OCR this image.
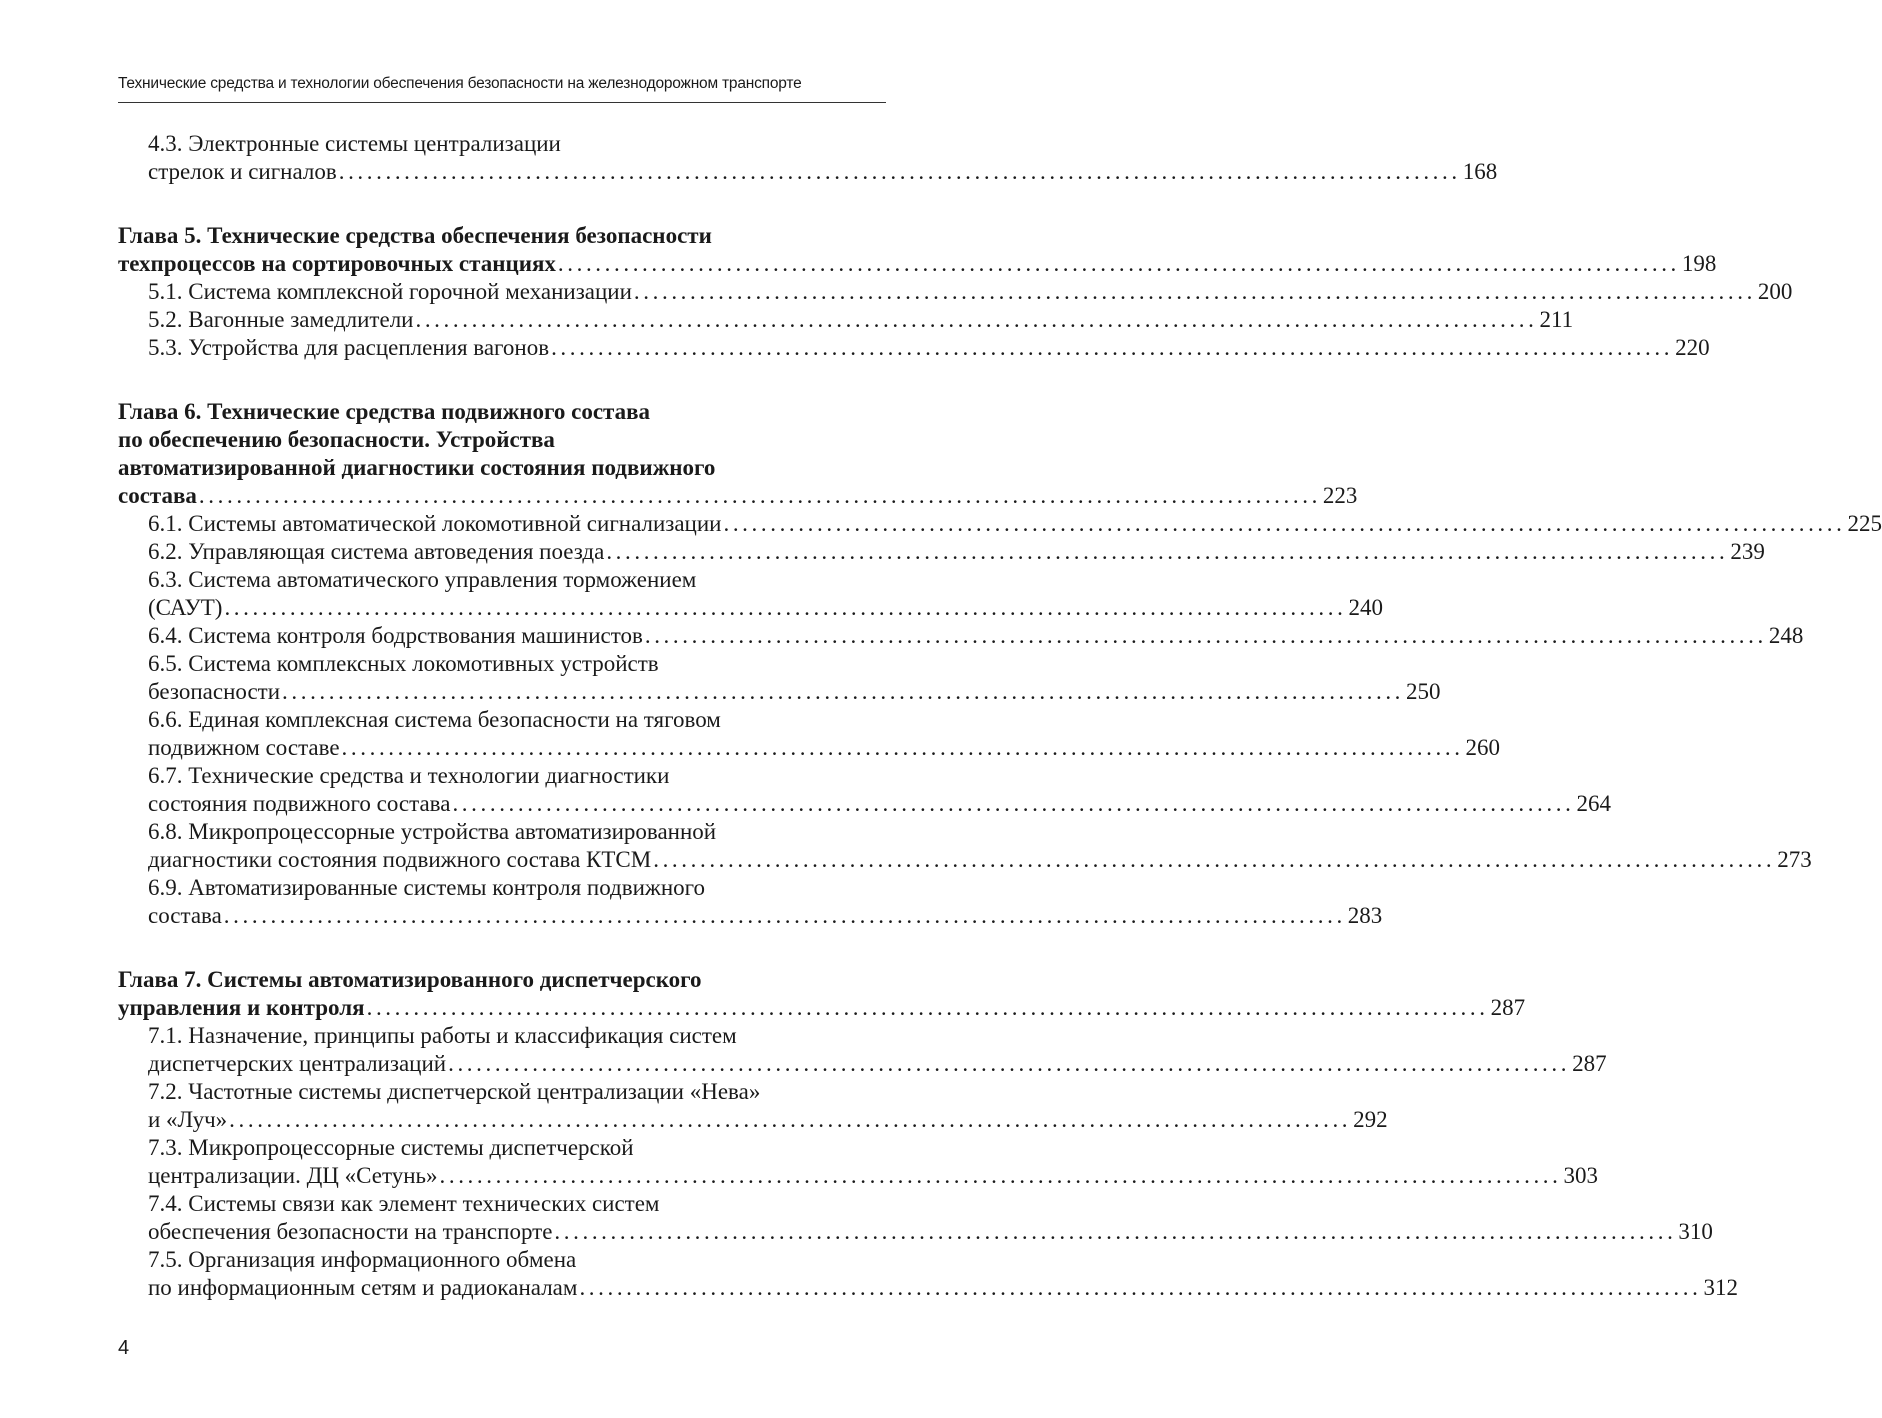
Технические средства и технологии обеспечения безопасности на железнодорожном транспорте
4.3. Электронные системы централизации
стрелок и сигналов ........................................................................................................................ 168
Глава 5. Технические средства обеспечения безопасности
техпроцессов на сортировочных станциях ........................................................................................................................ 198
5.1. Система комплексной горочной механизации ........................................................................................................................ 200
5.2. Вагонные замедлители ........................................................................................................................ 211
5.3. Устройства для расцепления вагонов ........................................................................................................................ 220
Глава 6. Технические средства подвижного состава
по обеспечению безопасности. Устройства
автоматизированной диагностики состояния подвижного
состава ........................................................................................................................ 223
6.1. Системы автоматической локомотивной сигнализации ........................................................................................................................ 225
6.2. Управляющая система автоведения поезда ........................................................................................................................ 239
6.3. Система автоматического управления торможением
(САУТ) ........................................................................................................................ 240
6.4. Система контроля бодрствования машинистов ........................................................................................................................ 248
6.5. Система комплексных локомотивных устройств
безопасности ........................................................................................................................ 250
6.6. Единая комплексная система безопасности на тяговом
подвижном составе ........................................................................................................................ 260
6.7. Технические средства и технологии диагностики
состояния подвижного состава ........................................................................................................................ 264
6.8. Микропроцессорные устройства автоматизированной
диагностики состояния подвижного состава КТСМ ........................................................................................................................ 273
6.9. Автоматизированные системы контроля подвижного
состава ........................................................................................................................ 283
Глава 7. Системы автоматизированного диспетчерского
управления и контроля ........................................................................................................................ 287
7.1. Назначение, принципы работы и классификация систем
диспетчерских централизаций ........................................................................................................................ 287
7.2. Частотные системы диспетчерской централизации «Нева»
и «Луч» ........................................................................................................................ 292
7.3. Микропроцессорные системы диспетчерской
централизации. ДЦ «Сетунь» ........................................................................................................................ 303
7.4. Системы связи как элемент технических систем
обеспечения безопасности на транспорте ........................................................................................................................ 310
7.5. Организация информационного обмена
по информационным сетям и радиоканалам ........................................................................................................................ 312
4
